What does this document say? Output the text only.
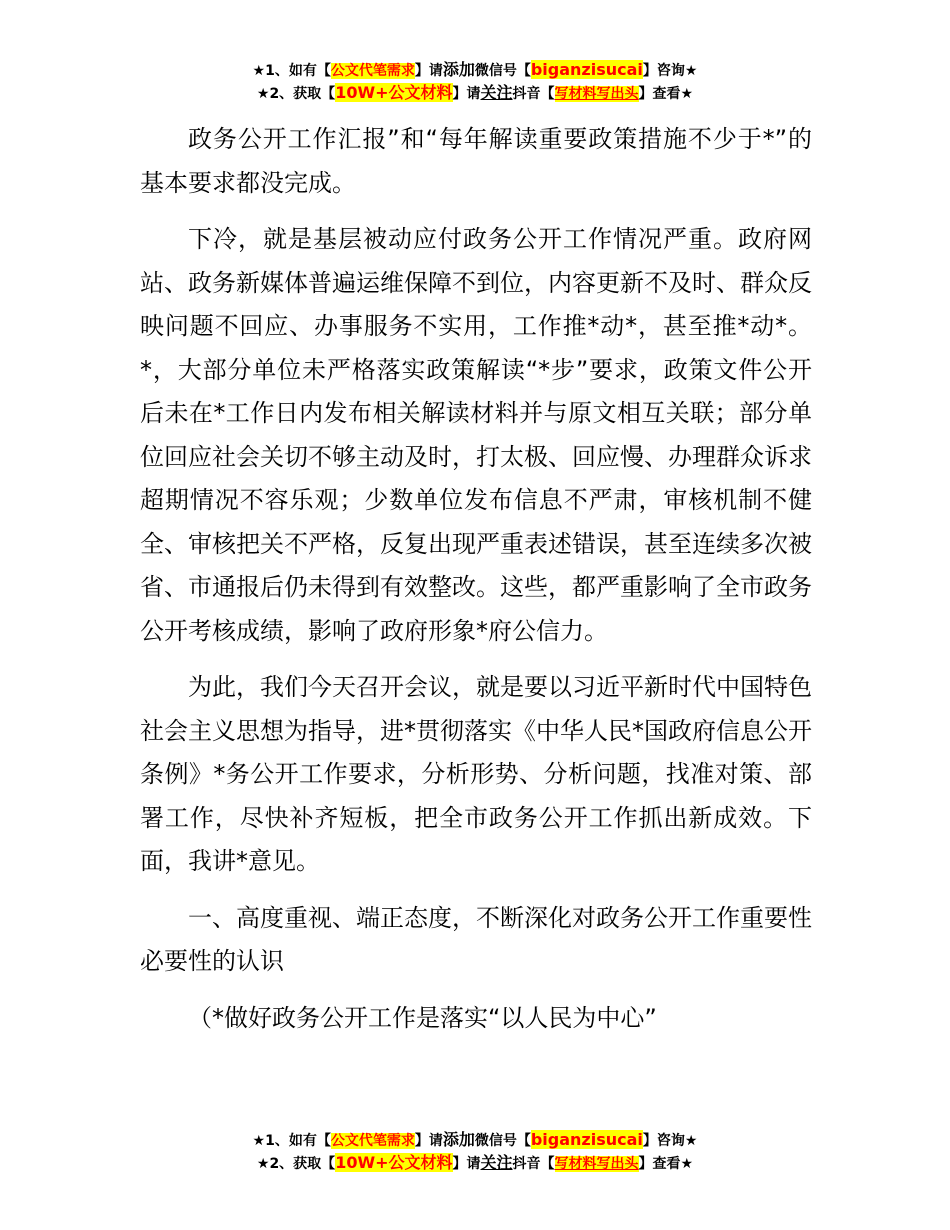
★1、如有【公文代笔需求】请添加微信号【biganzisucai】咨询★
★2、获取【10W+公文材料】请关注抖音【写材料写出头】查看★

政务公开工作汇报”和“每年解读重要政策措施不少于*”的基本要求都没完成。

下冷，就是基层被动应付政务公开工作情况严重。政府网站、政务新媒体普遍运维保障不到位，内容更新不及时、群众反映问题不回应、办事服务不实用，工作推*动*，甚至推*动*。*，大部分单位未严格落实政策解读“*步”要求，政策文件公开后未在*工作日内发布相关解读材料并与原文相互关联；部分单位回应社会关切不够主动及时，打太极、回应慢、办理群众诉求超期情况不容乐观；少数单位发布信息不严肃，审核机制不健全、审核把关不严格，反复出现严重表述错误，甚至连续多次被省、市通报后仍未得到有效整改。这些，都严重影响了全市政务公开考核成绩，影响了政府形象*府公信力。

为此，我们今天召开会议，就是要以习近平新时代中国特色社会主义思想为指导，进*贯彻落实《中华人民*国政府信息公开条例》*务公开工作要求，分析形势、分析问题，找准对策、部署工作，尽快补齐短板，把全市政务公开工作抓出新成效。下面，我讲*意见。

一、高度重视、端正态度，不断深化对政务公开工作重要性必要性的认识

（*做好政务公开工作是落实“以人民为中心”

★1、如有【公文代笔需求】请添加微信号【biganzisucai】咨询★
★2、获取【10W+公文材料】请关注抖音【写材料写出头】查看★
